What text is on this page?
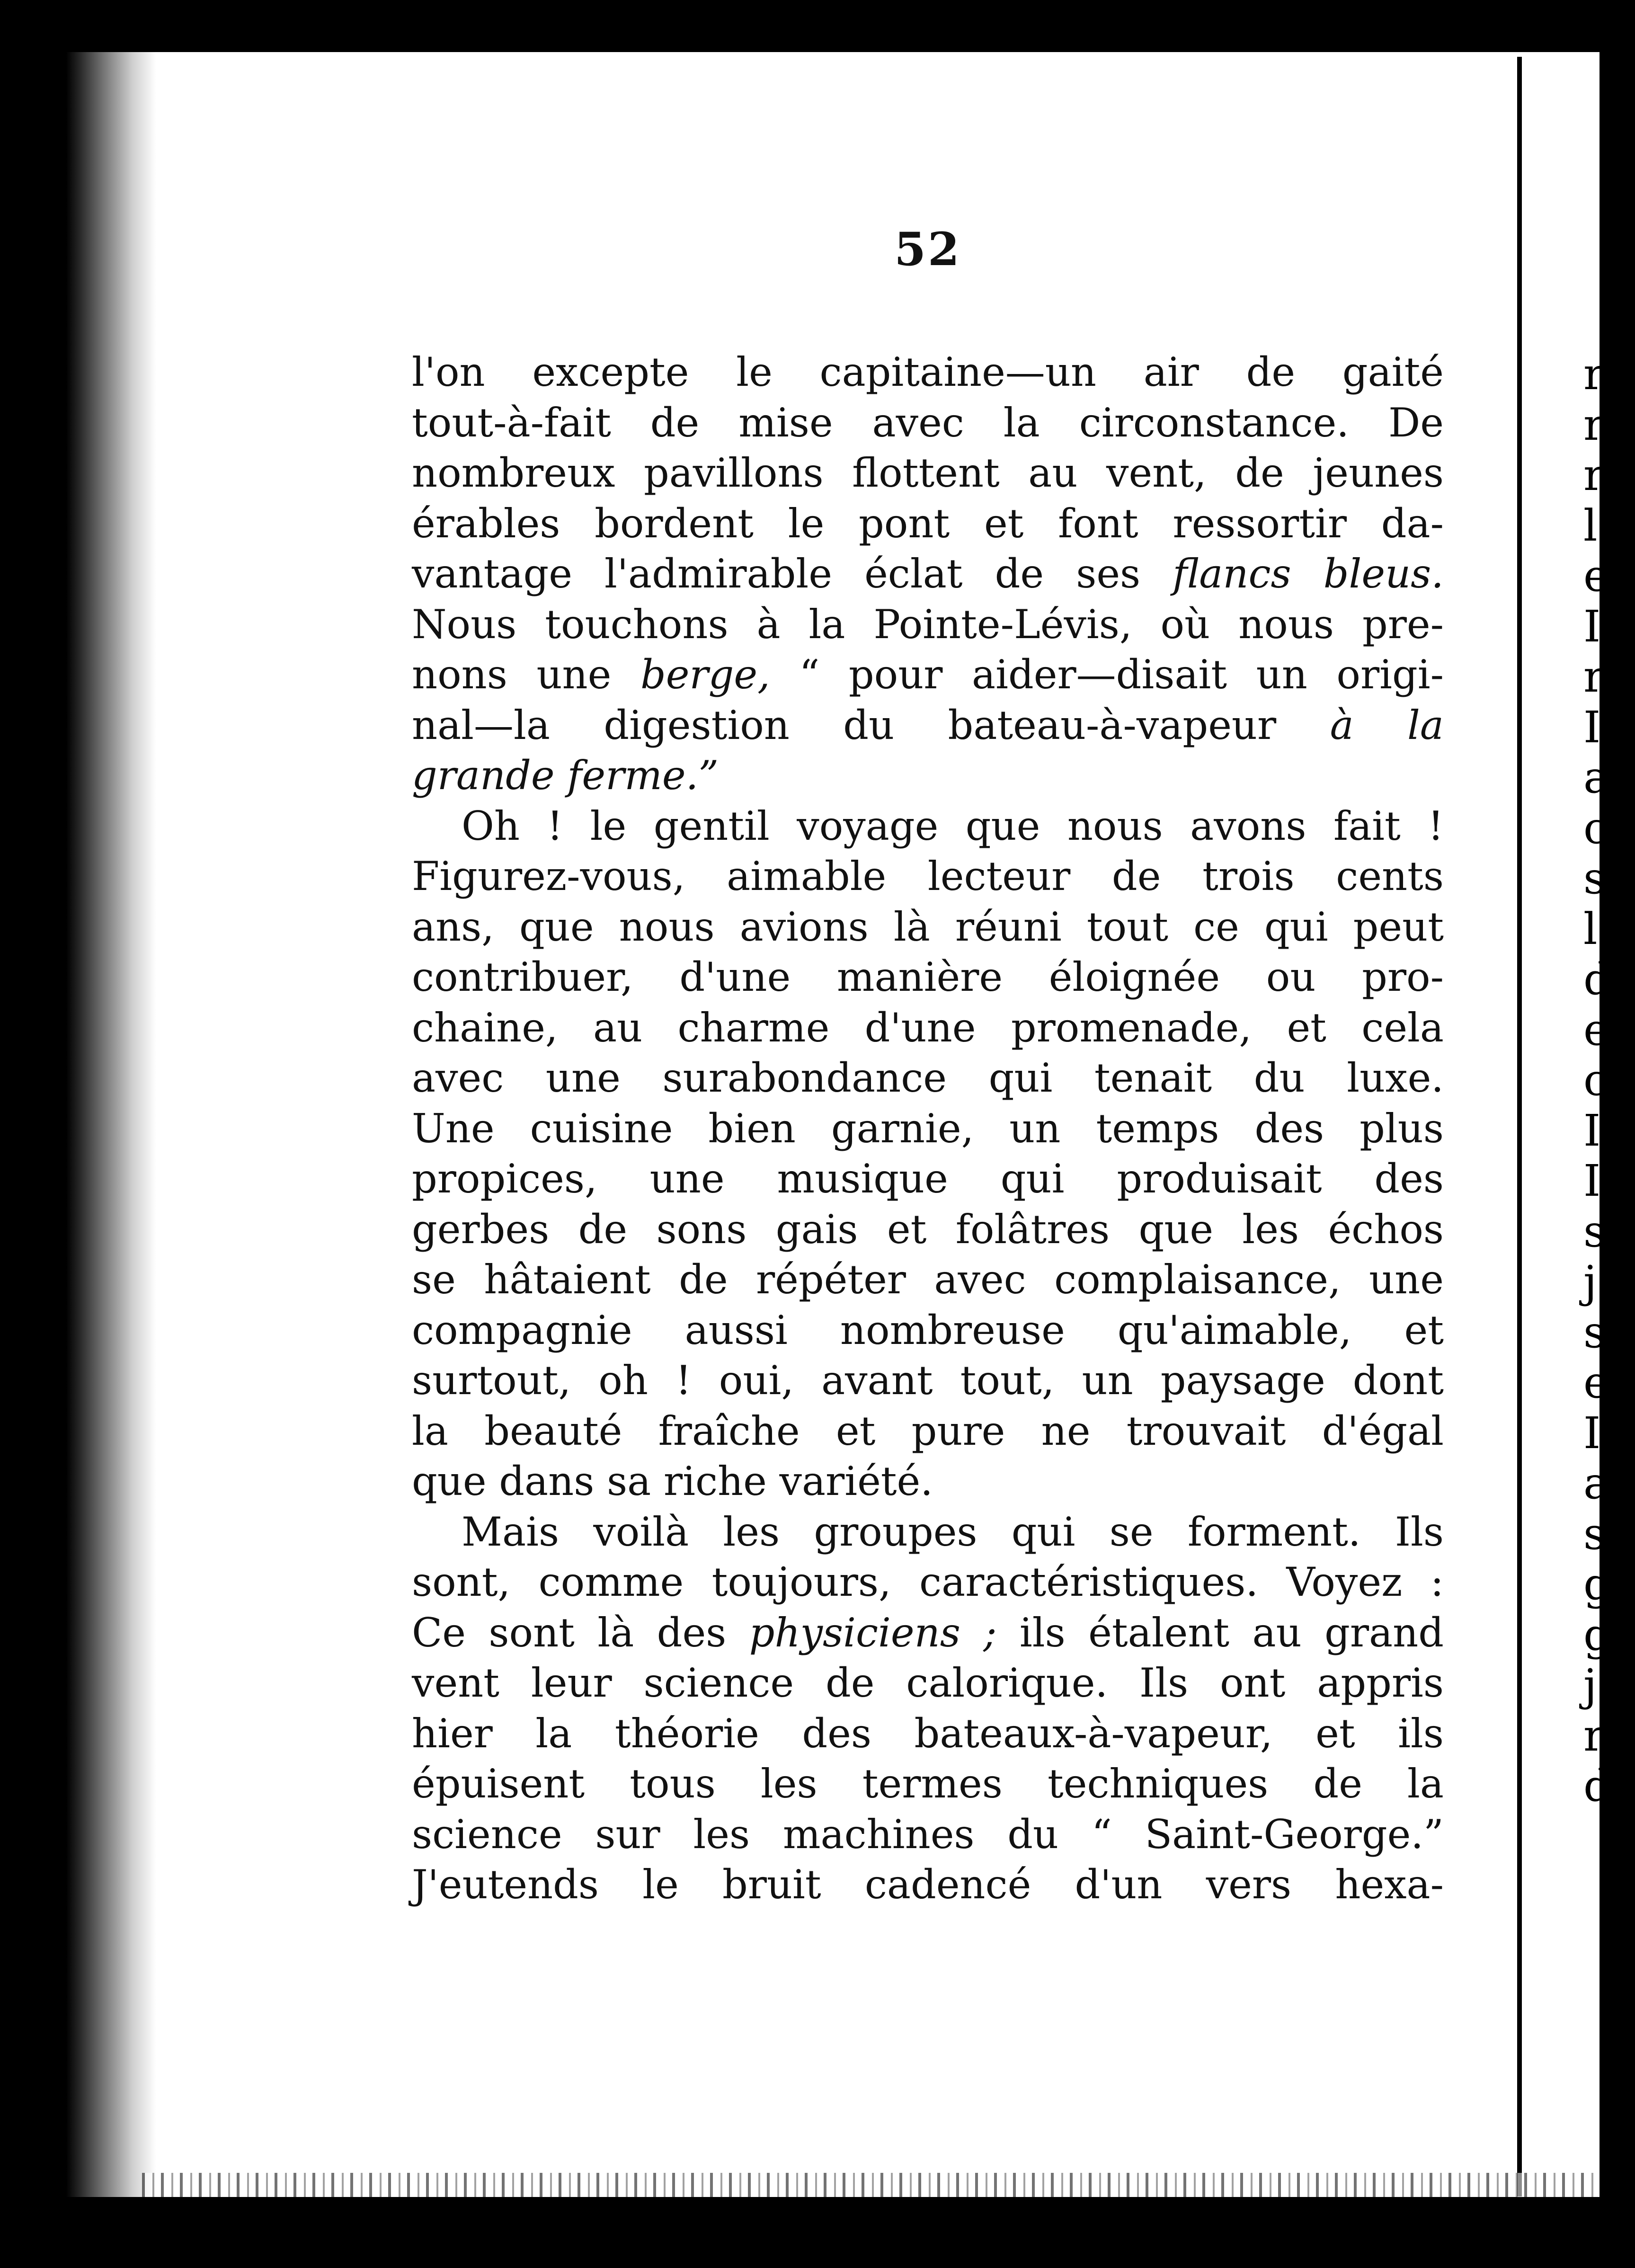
r
r
r
l
e
I
r
I
a
c
s
l
d
e
c
I
I
s
j
s
e
I
a
s
g
g
j
r
d
52
l'on excepte le capitaine—un air de gaité
tout-à-fait de mise avec la circonstance. De
nombreux pavillons flottent au vent, de jeunes
érables bordent le pont et font ressortir da-
vantage l'admirable éclat de ses flancs bleus.
Nous touchons à la Pointe-Lévis, où nous pre-
nons une berge, “ pour aider—disait un origi-
nal—la digestion du bateau-à-vapeur à la
grande ferme.”
Oh ! le gentil voyage que nous avons fait !
Figurez-vous, aimable lecteur de trois cents
ans, que nous avions là réuni tout ce qui peut
contribuer, d'une manière éloignée ou pro-
chaine, au charme d'une promenade, et cela
avec une surabondance qui tenait du luxe.
Une cuisine bien garnie, un temps des plus
propices, une musique qui produisait des
gerbes de sons gais et folâtres que les échos
se hâtaient de répéter avec complaisance, une
compagnie aussi nombreuse qu'aimable, et
surtout, oh ! oui, avant tout, un paysage dont
la beauté fraîche et pure ne trouvait d'égal
que dans sa riche variété.
Mais voilà les groupes qui se forment. Ils
sont, comme toujours, caractéristiques. Voyez :
Ce sont là des physiciens ; ils étalent au grand
vent leur science de calorique. Ils ont appris
hier la théorie des bateaux-à-vapeur, et ils
épuisent tous les termes techniques de la
science sur les machines du “ Saint-George.”
J'eutends le bruit cadencé d'un vers hexa-
